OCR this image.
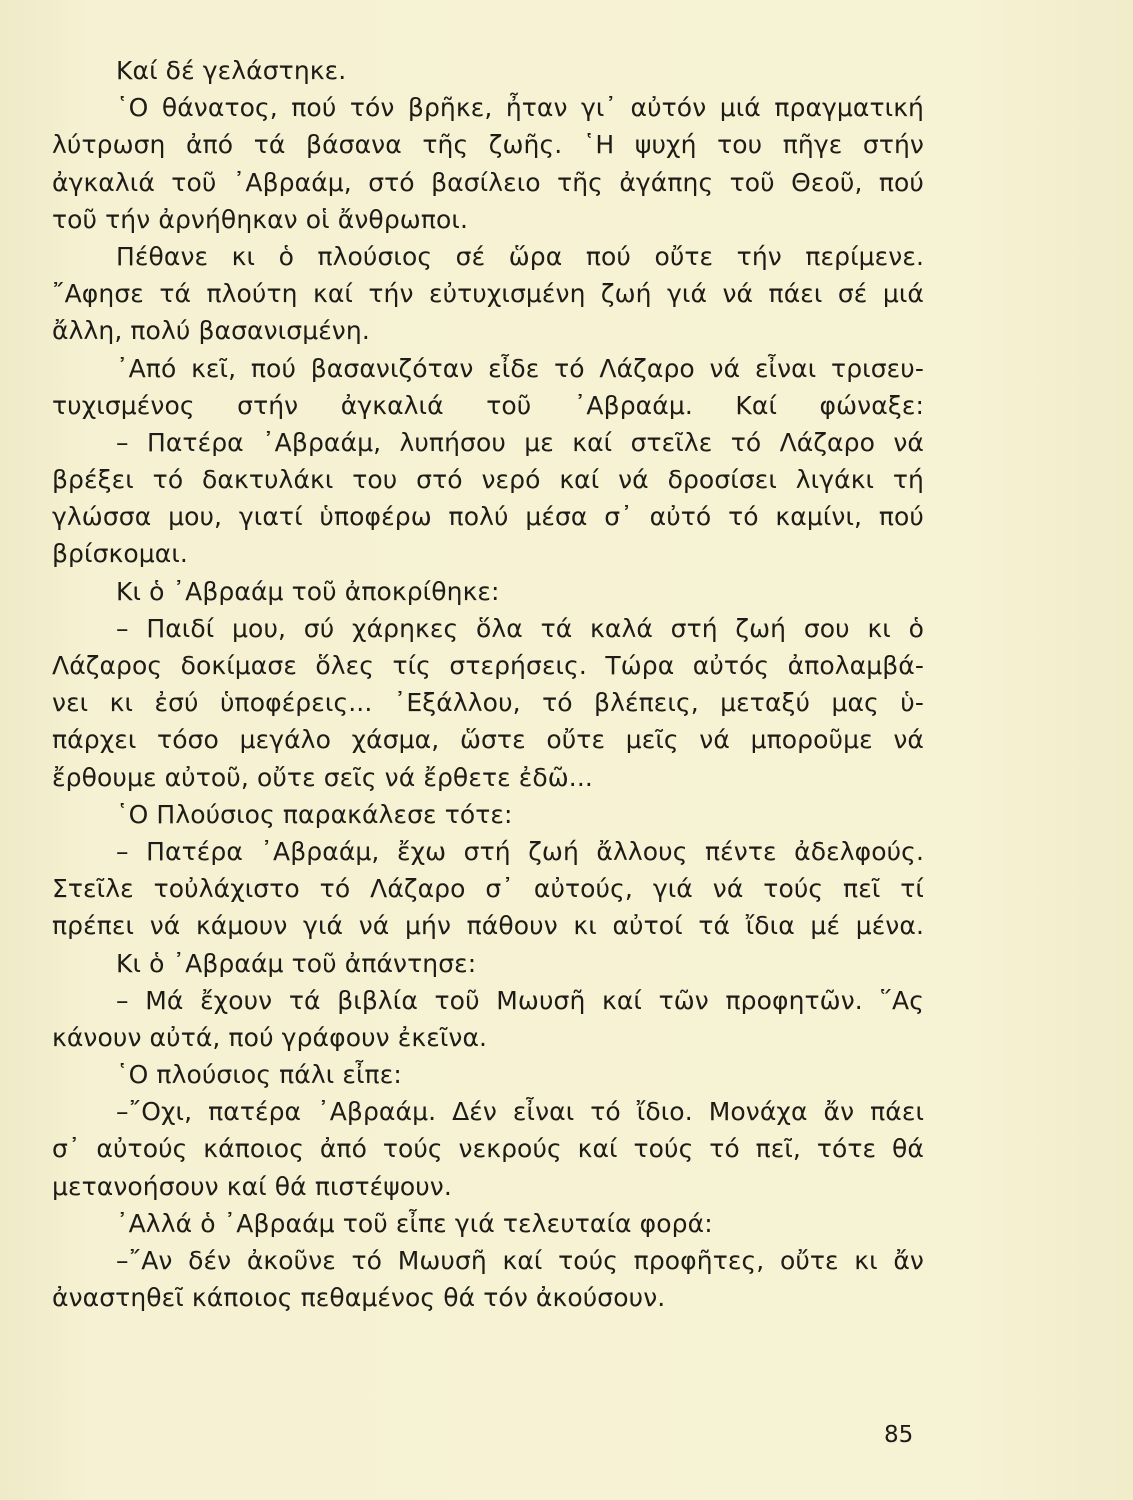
Καί δέ γελάστηκε.
῾Ο θάνατος, πού τόν βρῆκε, ἦταν γι᾿ αὐτόν μιά πραγματική
λύτρωση ἀπό τά βάσανα τῆς ζωῆς. ῾Η ψυχή του πῆγε στήν
ἀγκαλιά τοῦ ᾿Αβραάμ, στό βασίλειο τῆς ἀγάπης τοῦ Θεοῦ, πού
τοῦ τήν ἀρνήθηκαν οἱ ἄνθρωποι.
Πέθανε κι ὁ πλούσιος σέ ὥρα πού οὔτε τήν περίμενε.
῎Αφησε τά πλούτη καί τήν εὐτυχισμένη ζωή γιά νά πάει σέ μιά
ἄλλη, πολύ βασανισμένη.
᾿Από κεῖ, πού βασανιζόταν εἶδε τό Λάζαρο νά εἶναι τρισευ-
τυχισμένος στήν ἀγκαλιά τοῦ ᾿Αβραάμ. Καί φώναξε:
– Πατέρα ᾿Αβραάμ, λυπήσου με καί στεῖλε τό Λάζαρο νά
βρέξει τό δακτυλάκι του στό νερό καί νά δροσίσει λιγάκι τή
γλώσσα μου, γιατί ὑποφέρω πολύ μέσα σ᾿ αὐτό τό καμίνι, πού
βρίσκομαι.
Κι ὁ ᾿Αβραάμ τοῦ ἀποκρίθηκε:
– Παιδί μου, σύ χάρηκες ὅλα τά καλά στή ζωή σου κι ὁ
Λάζαρος δοκίμασε ὅλες τίς στερήσεις. Τώρα αὐτός ἀπολαμβά-
νει κι ἐσύ ὑποφέρεις... ᾿Εξάλλου, τό βλέπεις, μεταξύ μας ὑ-
πάρχει τόσο μεγάλο χάσμα, ὥστε οὔτε μεῖς νά μποροῦμε νά
ἔρθουμε αὐτοῦ, οὔτε σεῖς νά ἔρθετε ἐδῶ...
῾Ο Πλούσιος παρακάλεσε τότε:
– Πατέρα ᾿Αβραάμ, ἔχω στή ζωή ἄλλους πέντε ἀδελφούς.
Στεῖλε τοὐλάχιστο τό Λάζαρο σ᾿ αὐτούς, γιά νά τούς πεῖ τί
πρέπει νά κάμουν γιά νά μήν πάθουν κι αὐτοί τά ἴδια μέ μένα.
Κι ὁ ᾿Αβραάμ τοῦ ἀπάντησε:
– Μά ἔχουν τά βιβλία τοῦ Μωυσῆ καί τῶν προφητῶν. ῞Ας
κάνουν αὐτά, πού γράφουν ἐκεῖνα.
῾Ο πλούσιος πάλι εἶπε:
–῎Οχι, πατέρα ᾿Αβραάμ. Δέν εἶναι τό ἴδιο. Μονάχα ἄν πάει
σ᾿ αὐτούς κάποιος ἀπό τούς νεκρούς καί τούς τό πεῖ, τότε θά
μετανοήσουν καί θά πιστέψουν.
᾿Αλλά ὁ ᾿Αβραάμ τοῦ εἶπε γιά τελευταία φορά:
–῎Αν δέν ἀκοῦνε τό Μωυσῆ καί τούς προφῆτες, οὔτε κι ἄν
ἀναστηθεῖ κάποιος πεθαμένος θά τόν ἀκούσουν.
85
